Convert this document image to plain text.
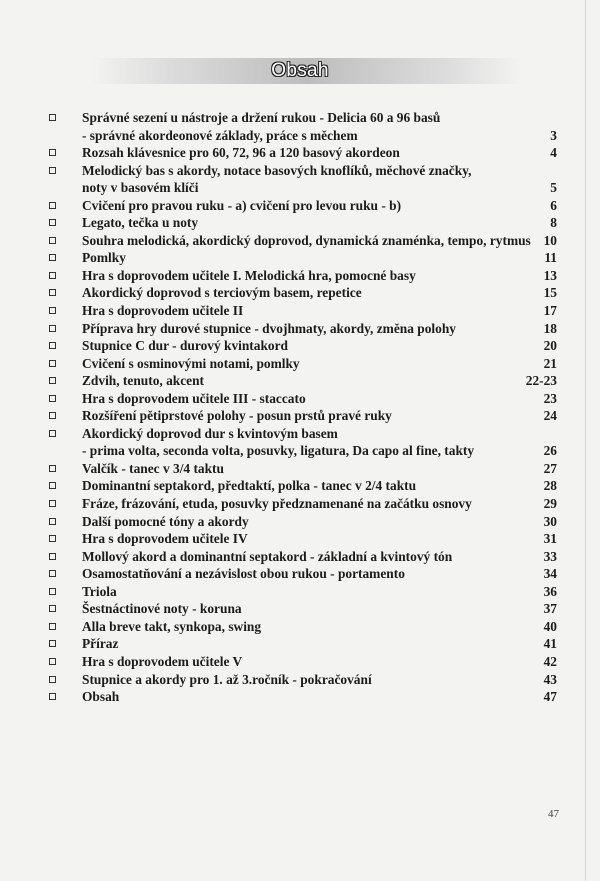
Obsah
Správné sezení u nástroje a držení rukou - Delicia 60 a 96 basů
- správné akordeonové základy, práce s měchem	3
Rozsah klávesnice pro 60, 72, 96 a 120 basový akordeon	4
Melodický bas s akordy, notace basových knoflíků, měchové značky,
noty v basovém klíči	5
Cvičení pro pravou ruku - a) cvičení pro levou ruku - b)	6
Legato, tečka u noty	8
Souhra melodická, akordický doprovod, dynamická znaménka, tempo, rytmus 10
Pomlky	11
Hra s doprovodem učitele I. Melodická hra, pomocné basy	13
Akordický doprovod s terciovým basem, repetice	15
Hra s doprovodem učitele II	17
Příprava hry durové stupnice - dvojhmaty, akordy, změna polohy	18
Stupnice C dur - durový kvintakord	20
Cvičení s osminovými notami, pomlky	21
Zdvih, tenuto, akcent	22-23
Hra s doprovodem učitele III - staccato	23
Rozšíření pětiprstové polohy - posun prstů pravé ruky	24
Akordický doprovod dur s kvintovým basem
- prima volta, seconda volta, posuvky, ligatura, Da capo al fine, takty	26
Valčík - tanec v 3/4 taktu	27
Dominantní septakord, předtaktí, polka - tanec v 2/4 taktu	28
Fráze, frázování, etuda, posuvky předznamenané na začátku osnovy	29
Další pomocné tóny a akordy	30
Hra s doprovodem učitele IV	31
Mollový akord a dominantní septakord - základní a kvintový tón	33
Osamostatňování a nezávislost obou rukou - portamento	34
Triola	36
Šestnáctinové noty - koruna	37
Alla breve takt, synkopa, swing	40
Příraz	41
Hra s doprovodem učitele V	42
Stupnice a akordy pro 1. až 3.ročník - pokračování	43
Obsah	47
47
